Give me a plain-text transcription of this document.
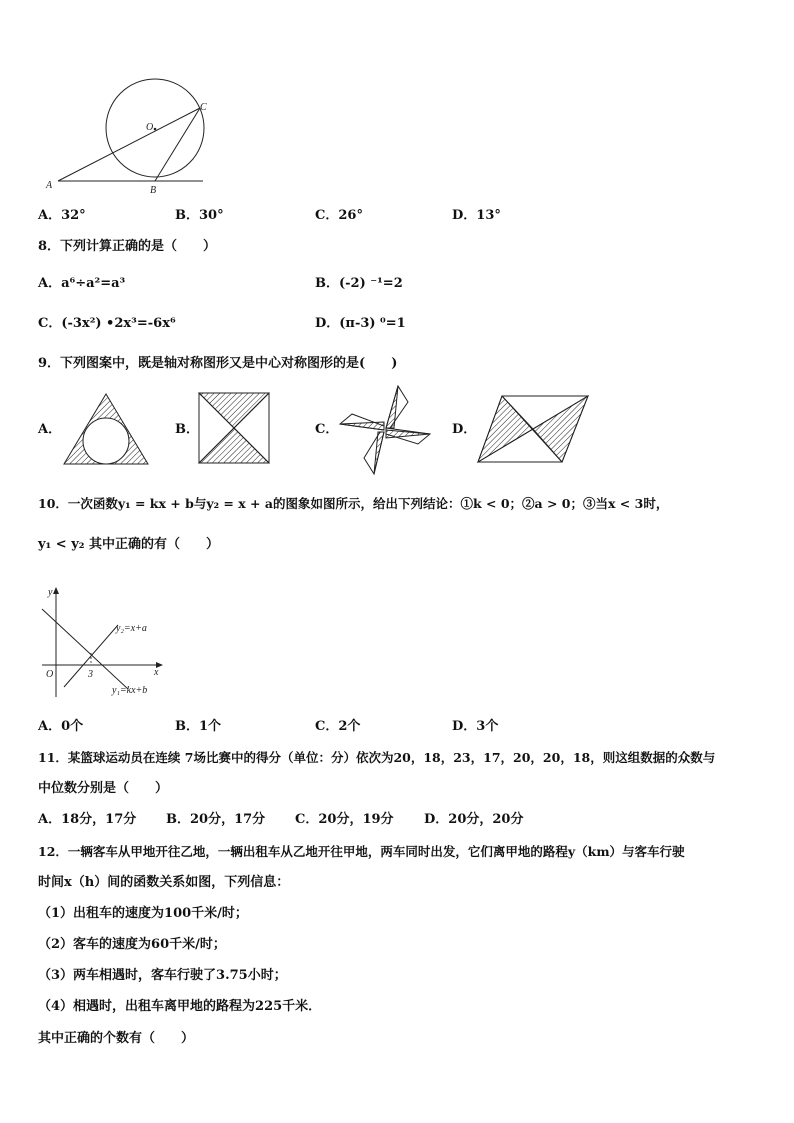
A	B
C
O
A．32°	B．30°	C．26°	D．13°
8．下列计算正确的是（　　）
A．a⁶÷a²=a³	B．(-2) ⁻¹=2
C．(-3x²) •2x³=-6x⁶	D．(π-3) ⁰=1
9．下列图案中，既是轴对称图形又是中心对称图形的是(　　)
A．	B．	C．	D．
10．一次函数y₁ = kx + b与y₂ = x + a的图象如图所示，给出下列结论：①k < 0；②a > 0；③当x < 3时，
y₁ < y₂ 其中正确的有（　　）
y
x
O	3
y₂=x+a
y₁=kx+b
A．0个	B．1个	C．2个	D．3个
11．某篮球运动员在连续 7场比赛中的得分（单位：分）依次为20，18，23，17，20，20，18，则这组数据的众数与
中位数分别是（　　）
A．18分，17分 B．20分，17分 C．20分，19分 D．20分，20分
12．一辆客车从甲地开往乙地，一辆出租车从乙地开往甲地，两车同时出发，它们离甲地的路程y（km）与客车行驶
时间x（h）间的函数关系如图，下列信息：
（1）出租车的速度为100千米/时；
（2）客车的速度为60千米/时；
（3）两车相遇时，客车行驶了3.75小时；
（4）相遇时，出租车离甲地的路程为225千米．
其中正确的个数有（　　）
